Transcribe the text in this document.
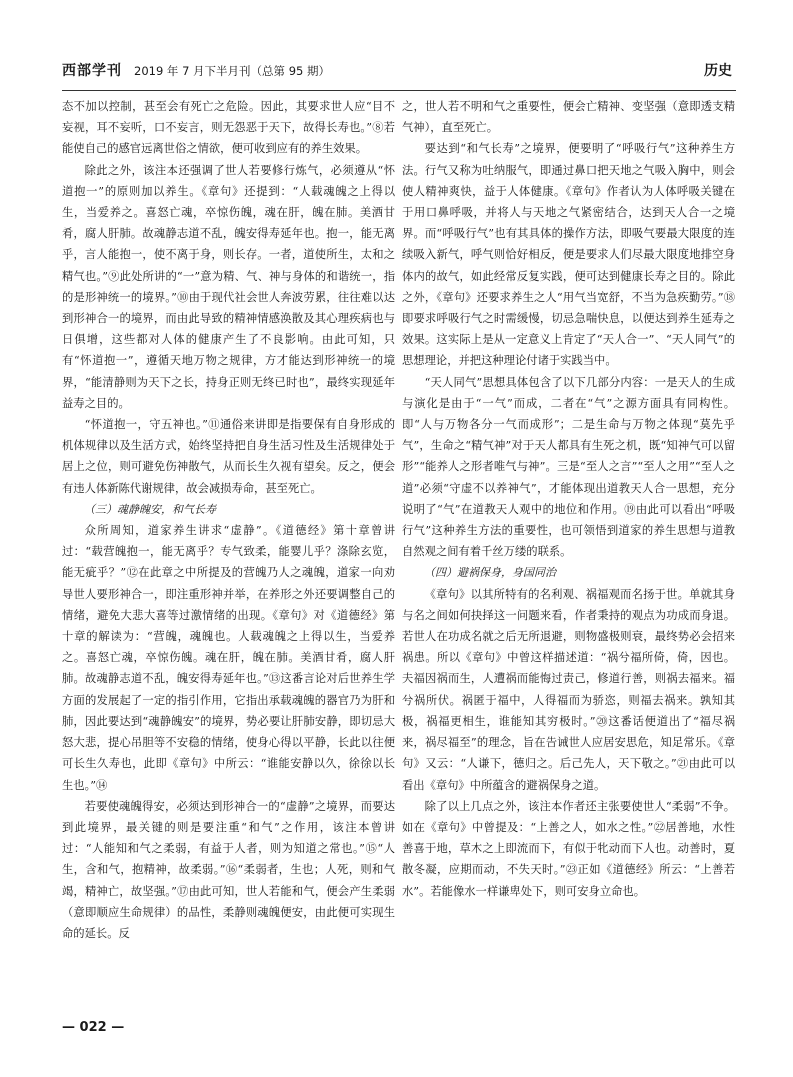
西部学刊 2019 年 7 月下半月刊（总第 95 期）	历史

态不加以控制，甚至会有死亡之危险。因此，其要求世人应“目不妄视，耳不妄听，口不妄言，则无怨恶于天下，故得长寿也。”⑧若能使自己的感官远离世俗之情欲，便可收到应有的养生效果。

除此之外，该注本还强调了世人若要修行炼气，必须遵从“怀道抱一”的原则加以养生。《章句》还提到：“人载魂魄之上得以生，当爱养之。喜怒亡魂，卒惊伤魄，魂在肝，魄在肺。美酒甘肴，腐人肝肺。故魂静志道不乱，魄安得寿延年也。抱一，能无离乎，言人能抱一，使不离于身，则长存。一者，道使所生，太和之精气也。”⑨此处所讲的“一”意为精、气、神与身体的和谐统一，指的是形神统一的境界。”⑩由于现代社会世人奔波劳累，往往难以达到形神合一的境界，而由此导致的精神情感涣散及其心理疾病也与日俱增，这些都对人体的健康产生了不良影响。由此可知，只有“怀道抱一”，遵循天地万物之规律，方才能达到形神统一的境界，“能清静则为天下之长，持身正则无终已时也”，最终实现延年益寿之目的。

“怀道抱一，守五神也。”⑪通俗来讲即是指要保有自身形成的机体规律以及生活方式，始终坚持把自身生活习性及生活规律处于居上之位，则可避免伤神散气，从而长生久视有望矣。反之，便会有违人体新陈代谢规律，故会减损寿命，甚至死亡。

（三）魂静魄安，和气长寿

众所周知，道家养生讲求“虚静”。《道德经》第十章曾讲过：“载营魄抱一，能无离乎？专气致柔，能婴儿乎？涤除玄览，能无疵乎？”⑫在此章之中所提及的营魄乃人之魂魄，道家一向劝导世人要形神合一，即注重形神并举，在养形之外还要调整自己的情绪，避免大悲大喜等过激情绪的出现。《章句》对《道德经》第十章的解读为：“营魄，魂魄也。人载魂魄之上得以生，当爱养之。喜怒亡魂，卒惊伤魄。魂在肝，魄在肺。美酒甘肴，腐人肝肺。故魂静志道不乱，魄安得寿延年也。”⑬这番言论对后世养生学方面的发展起了一定的指引作用，它指出承载魂魄的器官乃为肝和肺，因此要达到“魂静魄安”的境界，势必要让肝肺安静，即切忌大怒大悲，提心吊胆等不安稳的情绪，使身心得以平静，长此以往便可长生久寿也，此即《章句》中所云：“谁能安静以久，徐徐以长生也。”⑭

若要使魂魄得安，必须达到形神合一的“虚静”之境界，而要达到此境界，最关键的则是要注重“和气”之作用，该注本曾讲过：“人能知和气之柔弱，有益于人者，则为知道之常也。”⑮“人生，含和气，抱精神，故柔弱。”⑯“柔弱者，生也；人死，则和气竭，精神亡，故坚强。”⑰由此可知，世人若能和气，便会产生柔弱（意即顺应生命规律）的品性，柔静则魂魄便安，由此便可实现生命的延长。反

之，世人若不明和气之重要性，便会亡精神、变坚强（意即透支精气神），直至死亡。

要达到“和气长寿”之境界，便要明了“呼吸行气”这种养生方法。行气又称为吐纳服气，即通过鼻口把天地之气吸入胸中，则会使人精神爽快，益于人体健康。《章句》作者认为人体呼吸关键在于用口鼻呼吸，并将人与天地之气紧密结合，达到天人合一之境界。而“呼吸行气”也有其具体的操作方法，即吸气要最大限度的连续吸入新气，呼气则恰好相反，便是要求人们尽最大限度地排空身体内的故气，如此经常反复实践，便可达到健康长寿之目的。除此之外，《章句》还要求养生之人“用气当宽舒，不当为急疾勤劳。”⑱即要求呼吸行气之时需缓慢，切忌急喘快息，以便达到养生延寿之效果。这实际上是从一定意义上肯定了“天人合一”、“天人同气”的思想理论，并把这种理论付诸于实践当中。

“天人同气”思想具体包含了以下几部分内容：一是天人的生成与演化是由于“一气”而成，二者在“气”之源方面具有同构性。即“人与万物各分一气而成形”；二是生命与万物之体现“莫先乎气”，生命之“精气神”对于天人都具有生死之机，既“知神气可以留形”“能养人之形者唯气与神”。三是“至人之言”“至人之用”“至人之道”必须“守虚不以养神气”，才能体现出道教天人合一思想，充分说明了“气”在道教天人观中的地位和作用。⑲由此可以看出“呼吸行气”这种养生方法的重要性，也可领悟到道家的养生思想与道教自然观之间有着千丝万缕的联系。

（四）避祸保身，身国同治

《章句》以其所特有的名利观、祸福观而名扬于世。单就其身与名之间如何抉择这一问题来看，作者秉持的观点为功成而身退。若世人在功成名就之后无所退避，则物盛极则衰，最终势必会招来祸患。所以《章句》中曾这样描述道：“祸兮福所倚，倚，因也。夫福因祸而生，人遭祸而能悔过责己，修道行善，则祸去福来。福兮祸所伏。祸匿于福中，人得福而为骄恣，则福去祸来。孰知其极，祸福更相生，谁能知其穷极时。”⑳这番话便道出了“福尽祸来，祸尽福至”的理念，旨在告诫世人应居安思危，知足常乐。《章句》又云：“人谦下，德归之。后己先人，天下敬之。”㉑由此可以看出《章句》中所蕴含的避祸保身之道。

除了以上几点之外，该注本作者还主张要使世人“柔弱”不争。如在《章句》中曾提及：“上善之人，如水之性。”㉒居善地，水性善喜于地，草木之上即流而下，有似于牝动而下人也。动善时，夏散冬凝，应期而动，不失天时。”㉓正如《道德经》所云：“上善若水”。若能像水一样谦卑处下，则可安身立命也。

— 022 —
